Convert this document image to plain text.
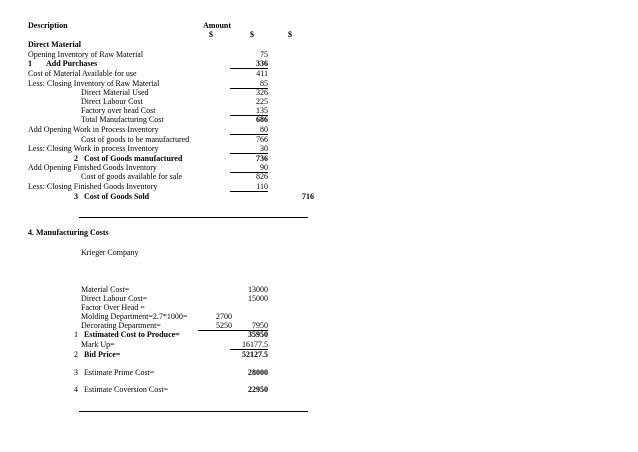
Description	Amount
$	$	$
Direct Material
Opening Inventory of Raw Material	75
1 Add Purchases	336
Cost of Material Available for use	411
Less: Closing Inventory of Raw Material	85
Direct Material Used	326
Direct Labour Cost	225
Factory over head Cost	135
Total Manufacturing Cost	686
Add Opening Work in Process Inventory	80
Cost of goods to be manufactured	766
Less: Closing Work in process Inventory	30
2 Cost of Goods manufactured	736
Add Opening Finished Goods Inventory	90
Cost of goods available for sale	826
Less: Closing Finished Goods Inventory	110
3 Cost of Goods Sold	716
4. Manufacturing Costs
Krieger Company
Material Cost=	13000
Direct Labour Cost=	15000
Factor Over Head =
Molding Department=2.7*1000=	2700
Decorating Department=	5250	7950
1 Estimated Cost to Produce=	35950
Mark Up=	16177.5
2 Bid Price=	52127.5
3 Estimate Prime Cost=	28000
4 Estimate Coversion Cost=	22950
